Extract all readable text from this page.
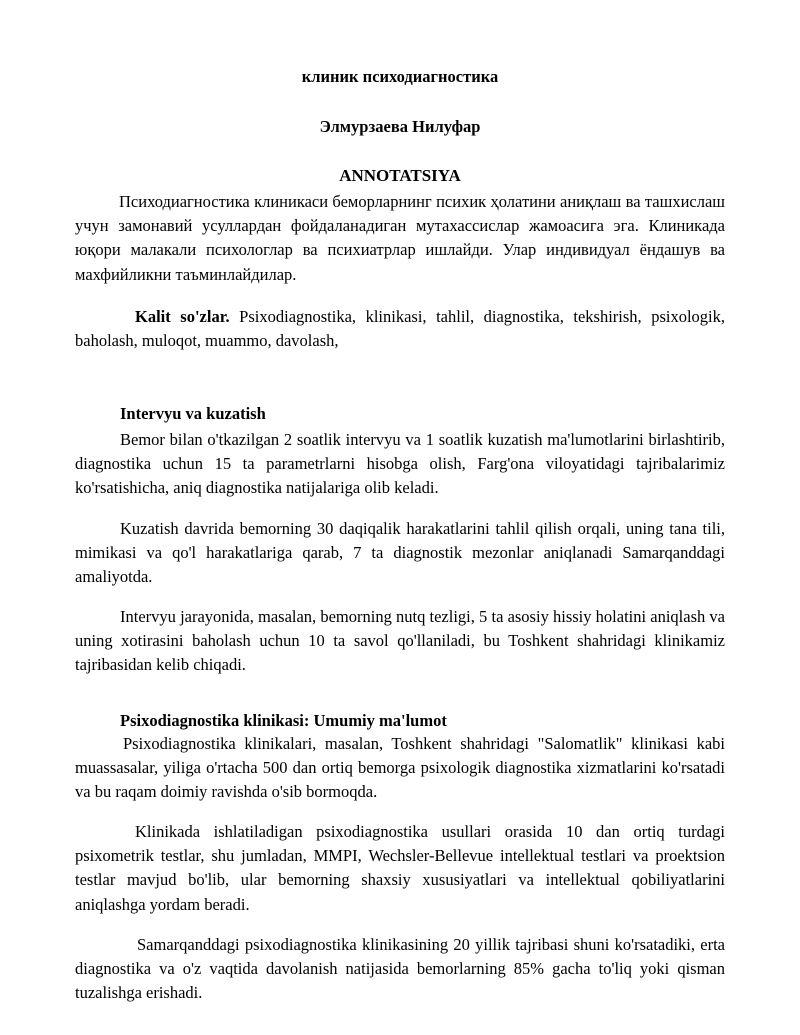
клиник психодиагностика
Элмурзаева Нилуфар
ANNOTATSIYA
Психодиагностика клиникаси беморларнинг психик ҳолатини аниқлаш ва ташхислаш учун замонавий усуллардан фойдаланадиган мутахассислар жамоасига эга. Клиникада юқори малакали психологлар ва психиатрлар ишлайди. Улар индивидуал ёндашув ва махфийликни таъминлайдилар.
Kalit so'zlar. Psixodiagnostika, klinikasi, tahlil, diagnostika, tekshirish, psixologik, baholash, muloqot, muammo, davolash,
Intervyu va kuzatish
Bemor bilan o'tkazilgan 2 soatlik intervyu va 1 soatlik kuzatish ma'lumotlarini birlashtirib, diagnostika uchun 15 ta parametrlarni hisobga olish, Farg'ona viloyatidagi tajribalarimiz ko'rsatishicha, aniq diagnostika natijalariga olib keladi.
Kuzatish davrida bemorning 30 daqiqalik harakatlarini tahlil qilish orqali, uning tana tili, mimikasi va qo'l harakatlariga qarab, 7 ta diagnostik mezonlar aniqlanadi Samarqanddagi amaliyotda.
Intervyu jarayonida, masalan, bemorning nutq tezligi, 5 ta asosiy hissiy holatini aniqlash va uning xotirasini baholash uchun 10 ta savol qo'llaniladi, bu Toshkent shahridagi klinikamiz tajribasidan kelib chiqadi.
Psixodiagnostika klinikasi: Umumiy ma'lumot
Psixodiagnostika klinikalari, masalan, Toshkent shahridagi "Salomatlik" klinikasi kabi muassasalar, yiliga o'rtacha 500 dan ortiq bemorga psixologik diagnostika xizmatlarini ko'rsatadi va bu raqam doimiy ravishda o'sib bormoqda.
Klinikada ishlatiladigan psixodiagnostika usullari orasida 10 dan ortiq turdagi psixometrik testlar, shu jumladan, MMPI, Wechsler-Bellevue intellektual testlari va proektsion testlar mavjud bo'lib, ular bemorning shaxsiy xususiyatlari va intellektual qobiliyatlarini aniqlashga yordam beradi.
Samarqanddagi psixodiagnostika klinikasining 20 yillik tajribasi shuni ko'rsatadiki, erta diagnostika va o'z vaqtida davolanish natijasida bemorlarning 85% gacha to'liq yoki qisman tuzalishga erishadi.
